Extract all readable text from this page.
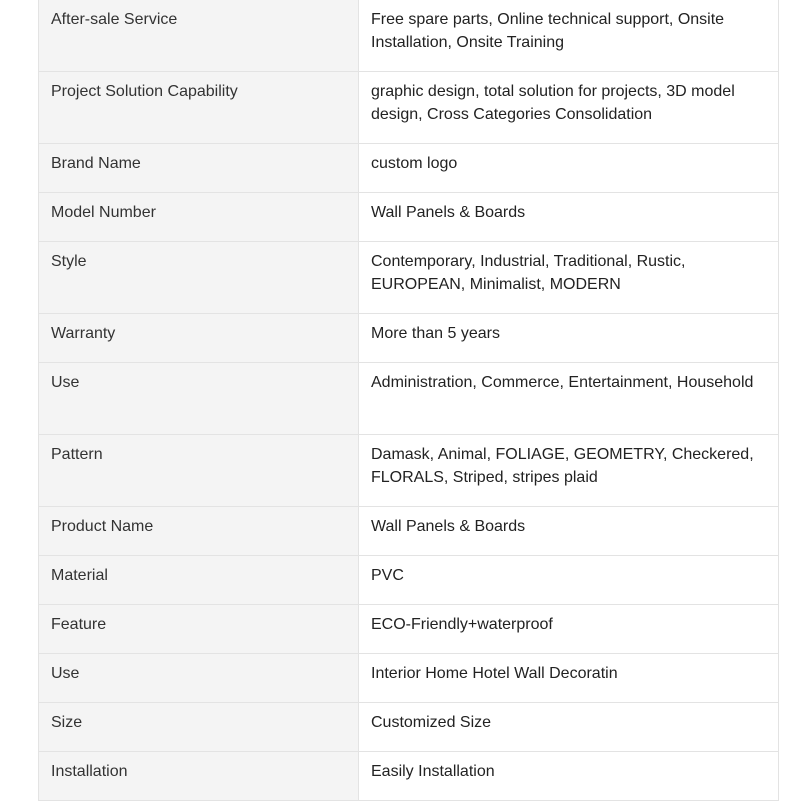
After-sale Service	Free spare parts, Online technical support, Onsite Installation, Onsite Training
Project Solution Capability	graphic design, total solution for projects, 3D model design, Cross Categories Consolidation
Brand Name	custom logo
Model Number	Wall Panels & Boards
Style	Contemporary, Industrial, Traditional, Rustic, EUROPEAN, Minimalist, MODERN
Warranty	More than 5 years
Use	Administration, Commerce, Entertainment, Household
Pattern	Damask, Animal, FOLIAGE, GEOMETRY, Checkered, FLORALS, Striped, stripes plaid
Product Name	Wall Panels & Boards
Material	PVC
Feature	ECO-Friendly+waterproof
Use	Interior Home Hotel Wall Decoratin
Size	Customized Size
Installation	Easily Installation
